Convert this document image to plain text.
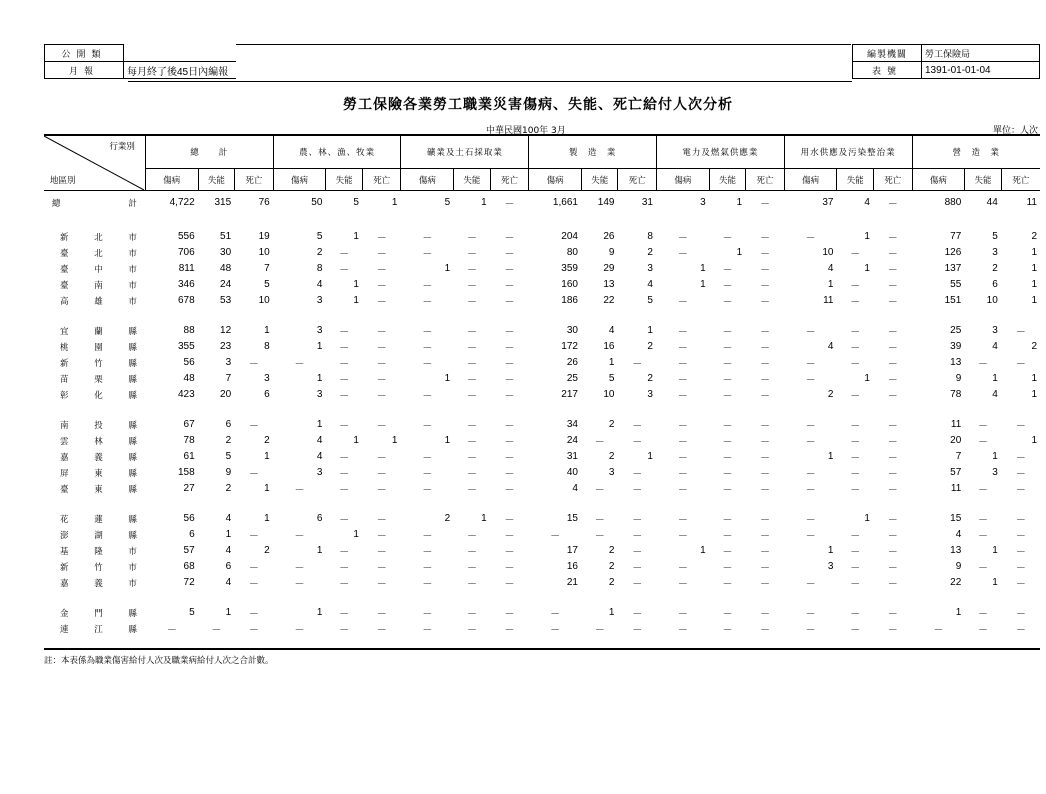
公開類	
月報	每月終了後45日內編報
編製機關	勞工保險局
表號	1391-01-01-04
勞工保險各業勞工職業災害傷病、失能、死亡給付人次分析
中華民國100年 3月	單位：人次
行業別
地區別	總　　計			農、林、漁、牧業			礦業及土石採取業			製　造　業			電力及燃氣供應業			用水供應及污染整治業			營　造　業		
	傷病	失能	死亡	傷病	失能	死亡	傷病	失能	死亡	傷病	失能	死亡	傷病	失能	死亡	傷病	失能	死亡	傷病	失能	死亡

總 計	4,722	315	76	50	5	1	5	1	－	1,661	149	31	3	1	－	37	4	－	880	44	11

新 北 市	556	51	19	5	1	－	－	－	－	204	26	8	－	－	－	－	1	－	77	5	2

臺 北 市	706	30	10	2	－	－	－	－	－	80	9	2	－	1	－	10	－	－	126	3	1

臺 中 市	811	48	7	8	－	－	1	－	－	359	29	3	1	－	－	4	1	－	137	2	1

臺 南 市	346	24	5	4	1	－	－	－	－	160	13	4	1	－	－	1	－	－	55	6	1

高 雄 市	678	53	10	3	1	－	－	－	－	186	22	5	－	－	－	11	－	－	151	10	1

宜 蘭 縣	88	12	1	3	－	－	－	－	－	30	4	1	－	－	－	－	－	－	25	3	－

桃 園 縣	355	23	8	1	－	－	－	－	－	172	16	2	－	－	－	4	－	－	39	4	2

新 竹 縣	56	3	－	－	－	－	－	－	－	26	1	－	－	－	－	－	－	－	13	－	－

苗 栗 縣	48	7	3	1	－	－	1	－	－	25	5	2	－	－	－	－	1	－	9	1	1

彰 化 縣	423	20	6	3	－	－	－	－	－	217	10	3	－	－	－	2	－	－	78	4	1

南 投 縣	67	6	－	1	－	－	－	－	－	34	2	－	－	－	－	－	－	－	11	－	－

雲 林 縣	78	2	2	4	1	1	1	－	－	24	－	－	－	－	－	－	－	－	20	－	1

嘉 義 縣	61	5	1	4	－	－	－	－	－	31	2	1	－	－	－	1	－	－	7	1	－

屏 東 縣	158	9	－	3	－	－	－	－	－	40	3	－	－	－	－	－	－	－	57	3	－

臺 東 縣	27	2	1	－	－	－	－	－	－	4	－	－	－	－	－	－	－	－	11	－	－

花 蓮 縣	56	4	1	6	－	－	2	1	－	15	－	－	－	－	－	－	1	－	15	－	－

澎 湖 縣	6	1	－	－	1	－	－	－	－	－	－	－	－	－	－	－	－	－	4	－	－

基 隆 市	57	4	2	1	－	－	－	－	－	17	2	－	1	－	－	1	－	－	13	1	－

新 竹 市	68	6	－	－	－	－	－	－	－	16	2	－	－	－	－	3	－	－	9	－	－

嘉 義 市	72	4	－	－	－	－	－	－	－	21	2	－	－	－	－	－	－	－	22	1	－

金 門 縣	5	1	－	1	－	－	－	－	－	－	1	－	－	－	－	－	－	－	1	－	－

連 江 縣	－	－	－	－	－	－	－	－	－	－	－	－	－	－	－	－	－	－	－	－	－
註：本表係為職業傷害給付人次及職業病給付人次之合計數。
